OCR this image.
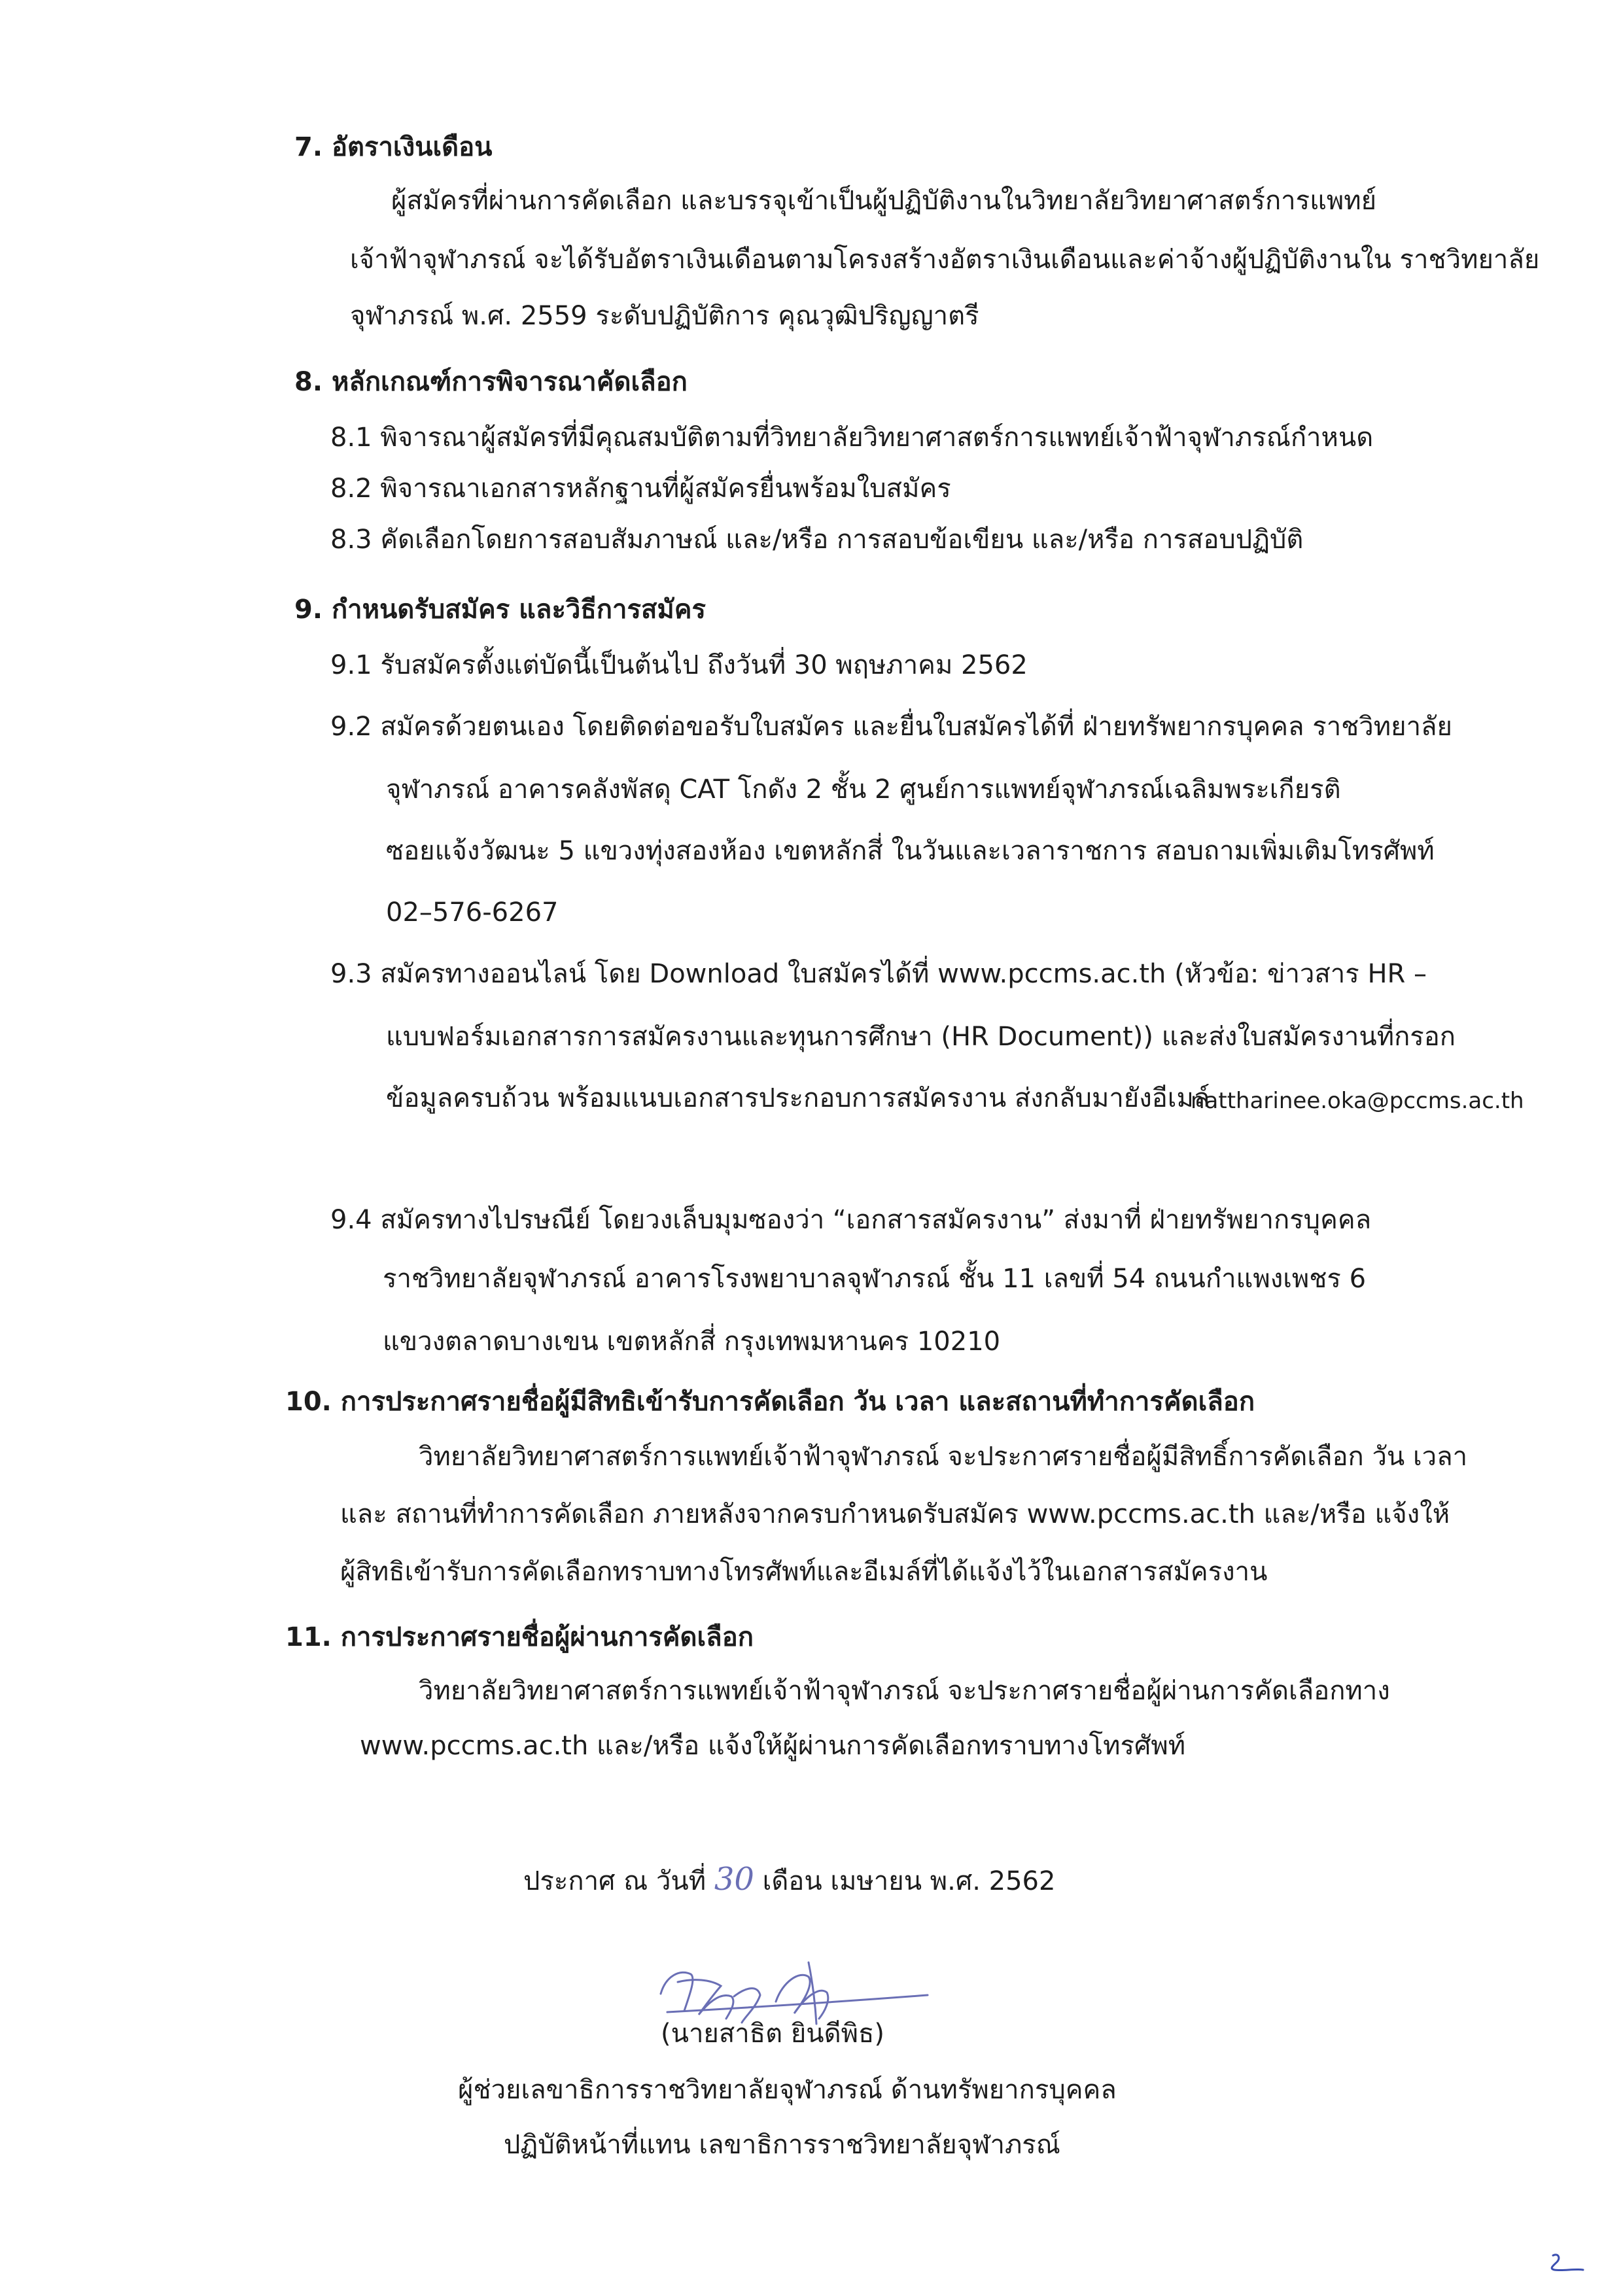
7. อัตราเงินเดือน
ผู้สมัครที่ผ่านการคัดเลือก และบรรจุเข้าเป็นผู้ปฏิบัติงานในวิทยาลัยวิทยาศาสตร์การแพทย์
เจ้าฟ้าจุฬาภรณ์ จะได้รับอัตราเงินเดือนตามโครงสร้างอัตราเงินเดือนและค่าจ้างผู้ปฏิบัติงานใน ราชวิทยาลัย
จุฬาภรณ์ พ.ศ. 2559 ระดับปฏิบัติการ คุณวุฒิปริญญาตรี
8. หลักเกณฑ์การพิจารณาคัดเลือก
8.1 พิจารณาผู้สมัครที่มีคุณสมบัติตามที่วิทยาลัยวิทยาศาสตร์การแพทย์เจ้าฟ้าจุฬาภรณ์กำหนด
8.2 พิจารณาเอกสารหลักฐานที่ผู้สมัครยื่นพร้อมใบสมัคร
8.3 คัดเลือกโดยการสอบสัมภาษณ์ และ/หรือ การสอบข้อเขียน และ/หรือ การสอบปฏิบัติ
9. กำหนดรับสมัคร และวิธีการสมัคร
9.1 รับสมัครตั้งแต่บัดนี้เป็นต้นไป ถึงวันที่ 30 พฤษภาคม 2562
9.2 สมัครด้วยตนเอง โดยติดต่อขอรับใบสมัคร และยื่นใบสมัครได้ที่ ฝ่ายทรัพยากรบุคคล ราชวิทยาลัย
จุฬาภรณ์ อาคารคลังพัสดุ CAT โกดัง 2 ชั้น 2 ศูนย์การแพทย์จุฬาภรณ์เฉลิมพระเกียรติ
ซอยแจ้งวัฒนะ 5 แขวงทุ่งสองห้อง เขตหลักสี่ ในวันและเวลาราชการ สอบถามเพิ่มเติมโทรศัพท์
02–576-6267
9.3 สมัครทางออนไลน์ โดย Download ใบสมัครได้ที่ www.pccms.ac.th (หัวข้อ: ข่าวสาร HR –
แบบฟอร์มเอกสารการสมัครงานและทุนการศึกษา (HR Document)) และส่งใบสมัครงานที่กรอก
ข้อมูลครบถ้วน พร้อมแนบเอกสารประกอบการสมัครงาน ส่งกลับมายังอีเมล์
nattharinee.oka@pccms.ac.th
9.4 สมัครทางไปรษณีย์ โดยวงเล็บมุมซองว่า “เอกสารสมัครงาน” ส่งมาที่ ฝ่ายทรัพยากรบุคคล
ราชวิทยาลัยจุฬาภรณ์ อาคารโรงพยาบาลจุฬาภรณ์ ชั้น 11 เลขที่ 54 ถนนกำแพงเพชร 6
แขวงตลาดบางเขน เขตหลักสี่ กรุงเทพมหานคร 10210
10. การประกาศรายชื่อผู้มีสิทธิเข้ารับการคัดเลือก วัน เวลา และสถานที่ทำการคัดเลือก
วิทยาลัยวิทยาศาสตร์การแพทย์เจ้าฟ้าจุฬาภรณ์ จะประกาศรายชื่อผู้มีสิทธิ์การคัดเลือก วัน เวลา
และ สถานที่ทำการคัดเลือก ภายหลังจากครบกำหนดรับสมัคร www.pccms.ac.th และ/หรือ แจ้งให้
ผู้สิทธิเข้ารับการคัดเลือกทราบทางโทรศัพท์และอีเมล์ที่ได้แจ้งไว้ในเอกสารสมัครงาน
11. การประกาศรายชื่อผู้ผ่านการคัดเลือก
วิทยาลัยวิทยาศาสตร์การแพทย์เจ้าฟ้าจุฬาภรณ์ จะประกาศรายชื่อผู้ผ่านการคัดเลือกทาง
www.pccms.ac.th และ/หรือ แจ้งให้ผู้ผ่านการคัดเลือกทราบทางโทรศัพท์
ประกาศ ณ วันที่ 30 เดือน เมษายน พ.ศ. 2562
(นายสาธิต ยินดีพิธ)
ผู้ช่วยเลขาธิการราชวิทยาลัยจุฬาภรณ์ ด้านทรัพยากรบุคคล
ปฏิบัติหน้าที่แทน เลขาธิการราชวิทยาลัยจุฬาภรณ์
